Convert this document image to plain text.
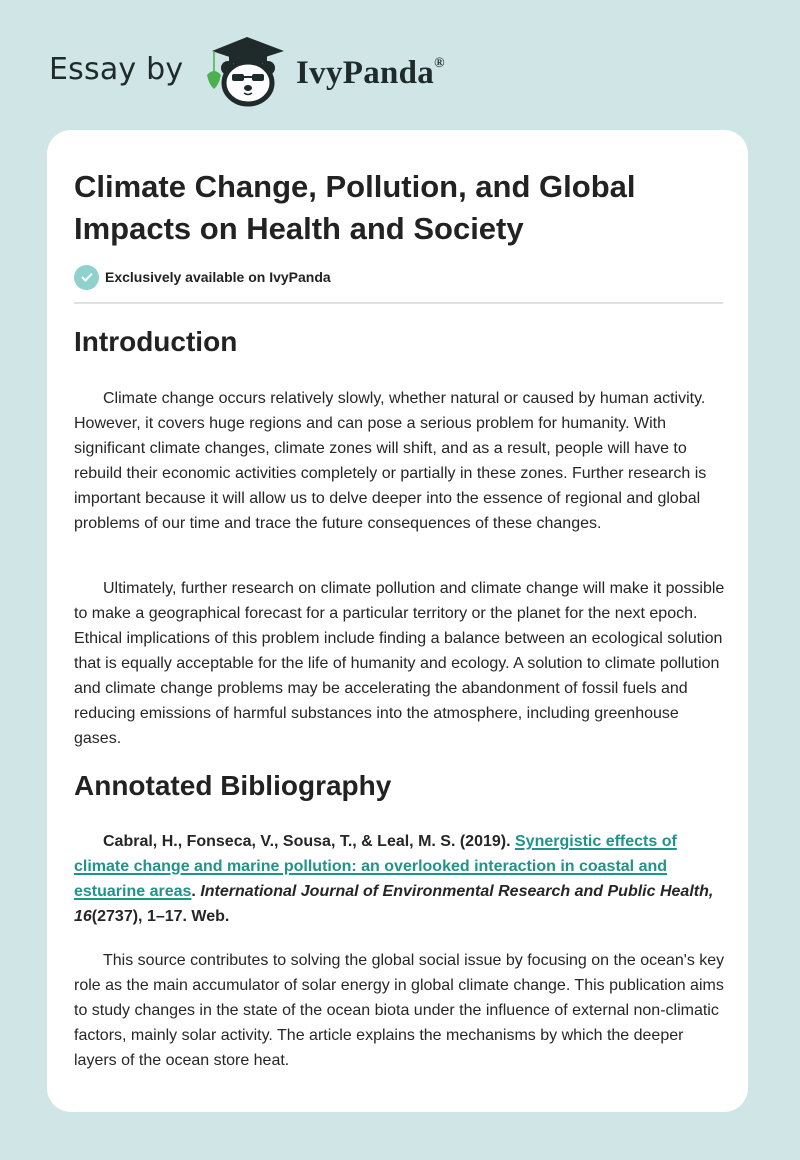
Essay by	IvyPanda®
Climate Change, Pollution, and Global Impacts on Health and Society
Exclusively available on IvyPanda
Introduction

Climate change occurs relatively slowly, whether natural or caused by human activity. However, it covers huge regions and can pose a serious problem for humanity. With significant climate changes, climate zones will shift, and as a result, people will have to rebuild their economic activities completely or partially in these zones. Further research is important because it will allow us to delve deeper into the essence of regional and global problems of our time and trace the future consequences of these changes.

Ultimately, further research on climate pollution and climate change will make it possible to make a geographical forecast for a particular territory or the planet for the next epoch. Ethical implications of this problem include finding a balance between an ecological solution that is equally acceptable for the life of humanity and ecology. A solution to climate pollution and climate change problems may be accelerating the abandonment of fossil fuels and reducing emissions of harmful substances into the atmosphere, including greenhouse gases.

Annotated Bibliography

Cabral, H., Fonseca, V., Sousa, T., & Leal, M. S. (2019). Synergistic effects of climate change and marine pollution: an overlooked interaction in coastal and estuarine areas. International Journal of Environmental Research and Public Health, 16(2737), 1–17. Web.

This source contributes to solving the global social issue by focusing on the ocean's key role as the main accumulator of solar energy in global climate change. This publication aims to study changes in the state of the ocean biota under the influence of external non-climatic factors, mainly solar activity. The article explains the mechanisms by which the deeper layers of the ocean store heat.
